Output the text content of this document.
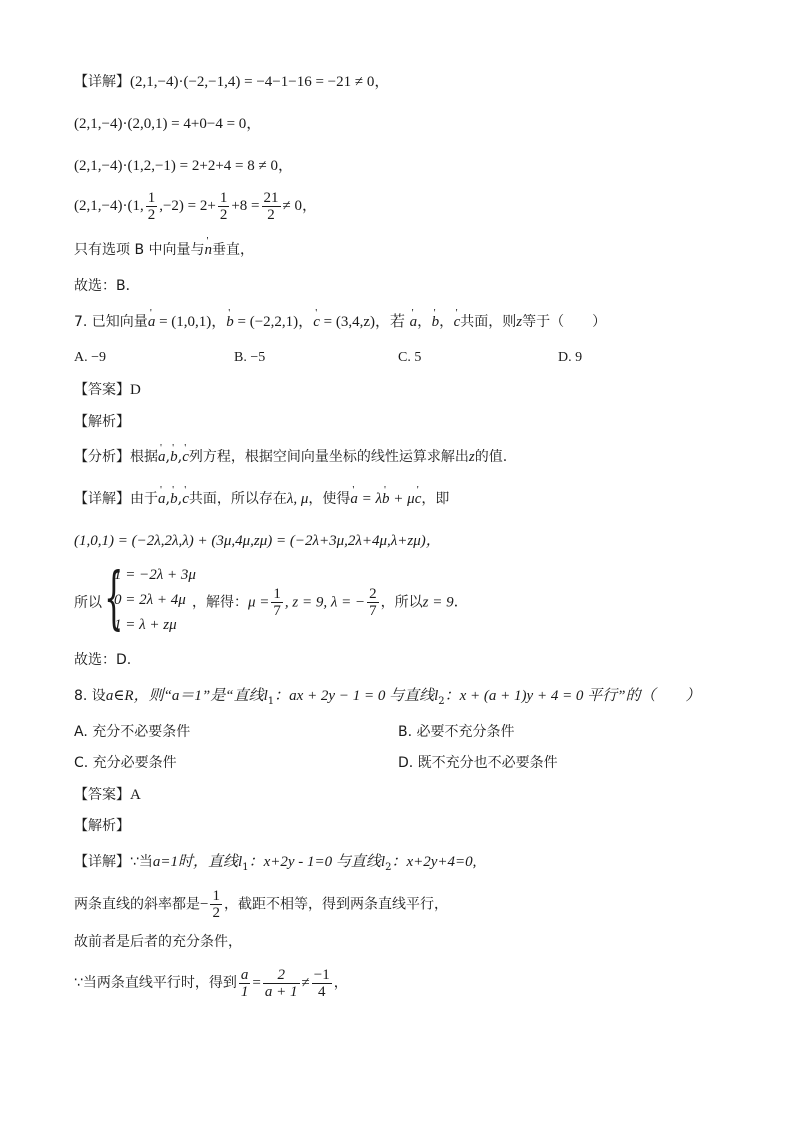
【详解】(2,1,−4)·(−2,−1,4) = −4−1−16 = −21 ≠ 0，
(2,1,−4)·(2,0,1) = 4+0−4 = 0，
(2,1,−4)·(1,2,−1) = 2+2+4 = 8 ≠ 0，
(2,1,−4)·(1, $\frac{1}{2} ,-2) = 2+ \frac{1}{2} +8 = \frac{21}{2} \ne 0$，
只有选项 B 中向量与' n垂直，
故选：B．
7. 已知向量' a = (1,0,1)，' b = (−2,2,1)，' c = (3,4,z)，若 ' a，' b，' c共面，则z等于（　　）
A. −9	B. −5	C. 5	D. 9
【答案】D
【解析】
【分析】根据' a,' b,' c列方程，根据空间向量坐标的线性运算求解出z的值.
【详解】由于' a,' b,' c共面，所以存在λ, μ，使得' a = λ' b + μ' c，即
(1,0,1) = (−2λ,2λ,λ) + (3μ,4μ,zμ) = (−2λ+3μ,2λ+4μ,λ+zμ)，
所以 {
1 = −2λ + 3μ
0 = 2λ + 4μ
1 = λ + zμ
，解得：$\mu = \frac{1}{7}$ , z = 9, λ = − $\frac{2}{7}$ ，所以z = 9.
故选：D.
8. 设a∈R，则“a＝1”是“直线$l_1$：ax + 2y − 1 = 0 与直线$l_2$：x + (a + 1)y + 4 = 0 平行”的（　　）
A. 充分不必要条件	B. 必要不充分条件
C. 充分必要条件	D. 既不充分也不必要条件
【答案】A
【解析】
【详解】∵当a=1时，直线$l_1$：x+2y - 1=0 与直线$l_2$：x+2y+4=0,
两条直线的斜率都是− $\frac{1}{2}$ ，截距不相等，得到两条直线平行，
故前者是后者的充分条件，
∵当两条直线平行时，得到 $\frac{a}{1} = \frac{2}{a + 1} \ne \frac{-1}{4}$ ，
